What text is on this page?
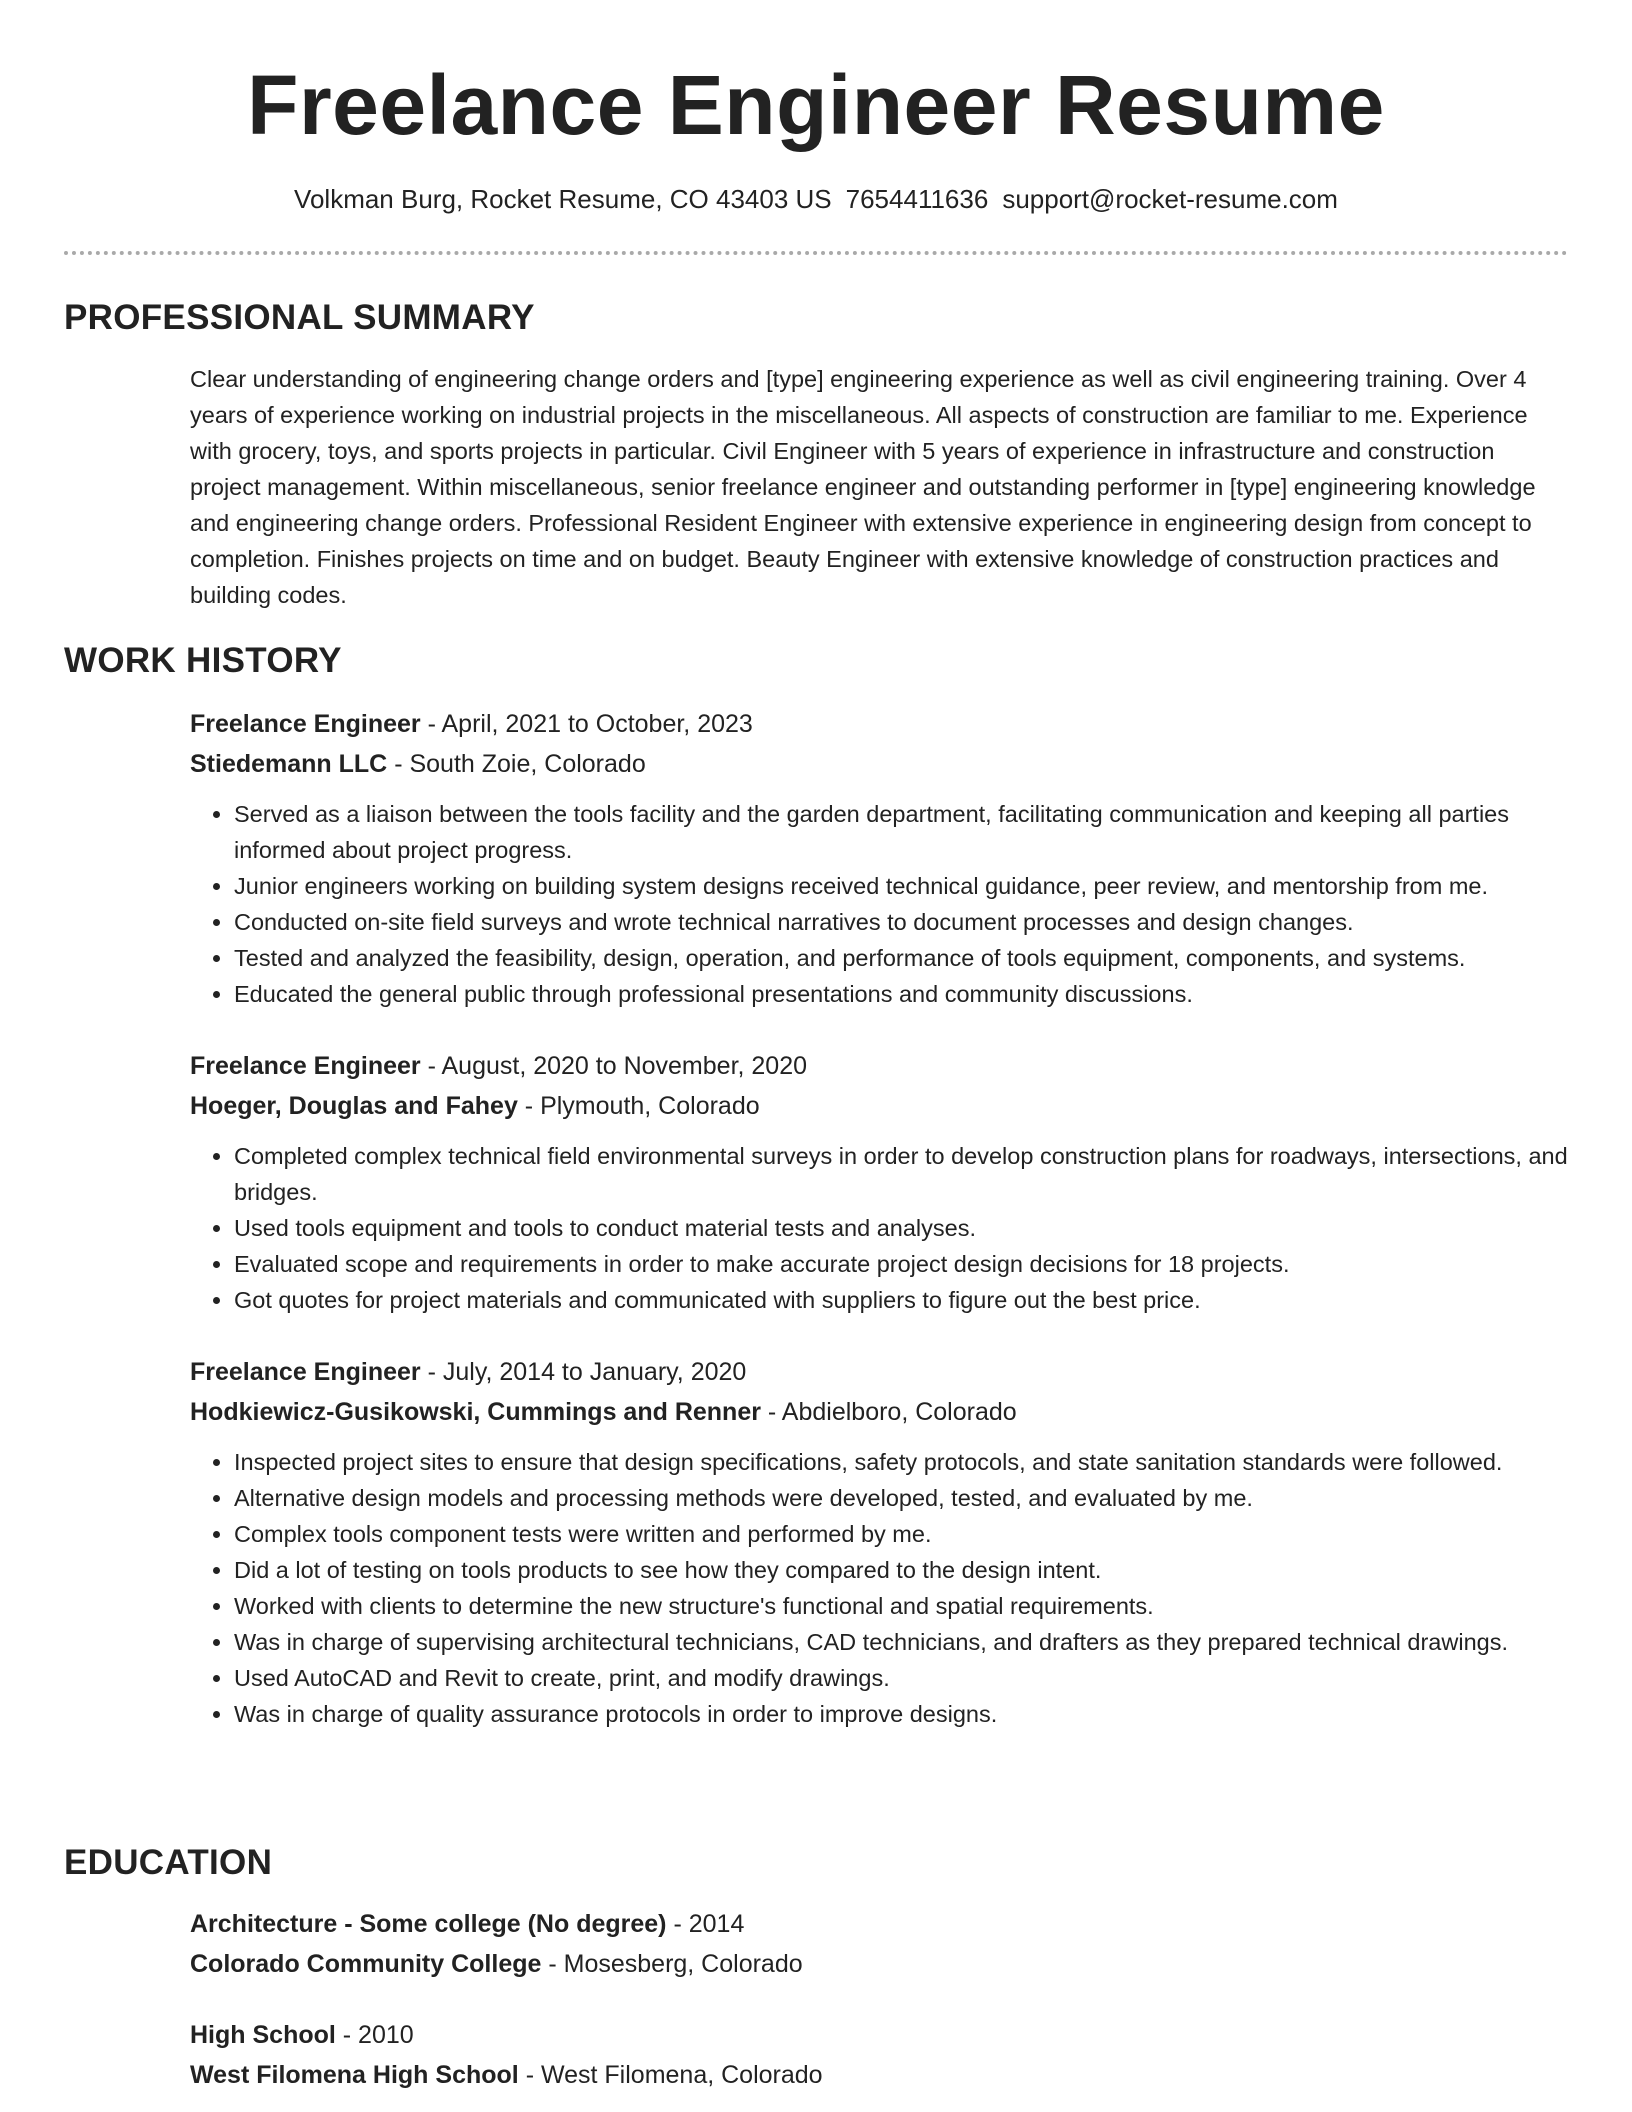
Freelance Engineer Resume
Volkman Burg, Rocket Resume, CO 43403 US 7654411636 support@rocket-resume.com
PROFESSIONAL SUMMARY
Clear understanding of engineering change orders and [type] engineering experience as well as civil engineering training. Over 4 years of experience working on industrial projects in the miscellaneous. All aspects of construction are familiar to me. Experience with grocery, toys, and sports projects in particular. Civil Engineer with 5 years of experience in infrastructure and construction project management. Within miscellaneous, senior freelance engineer and outstanding performer in [type] engineering knowledge and engineering change orders. Professional Resident Engineer with extensive experience in engineering design from concept to completion. Finishes projects on time and on budget. Beauty Engineer with extensive knowledge of construction practices and building codes.
WORK HISTORY
Freelance Engineer - April, 2021 to October, 2023
Stiedemann LLC - South Zoie, Colorado
• Served as a liaison between the tools facility and the garden department, facilitating communication and keeping all parties informed about project progress.
• Junior engineers working on building system designs received technical guidance, peer review, and mentorship from me.
• Conducted on-site field surveys and wrote technical narratives to document processes and design changes.
• Tested and analyzed the feasibility, design, operation, and performance of tools equipment, components, and systems.
• Educated the general public through professional presentations and community discussions.
Freelance Engineer - August, 2020 to November, 2020
Hoeger, Douglas and Fahey - Plymouth, Colorado
• Completed complex technical field environmental surveys in order to develop construction plans for roadways, intersections, and bridges.
• Used tools equipment and tools to conduct material tests and analyses.
• Evaluated scope and requirements in order to make accurate project design decisions for 18 projects.
• Got quotes for project materials and communicated with suppliers to figure out the best price.
Freelance Engineer - July, 2014 to January, 2020
Hodkiewicz-Gusikowski, Cummings and Renner - Abdielboro, Colorado
• Inspected project sites to ensure that design specifications, safety protocols, and state sanitation standards were followed.
• Alternative design models and processing methods were developed, tested, and evaluated by me.
• Complex tools component tests were written and performed by me.
• Did a lot of testing on tools products to see how they compared to the design intent.
• Worked with clients to determine the new structure's functional and spatial requirements.
• Was in charge of supervising architectural technicians, CAD technicians, and drafters as they prepared technical drawings.
• Used AutoCAD and Revit to create, print, and modify drawings.
• Was in charge of quality assurance protocols in order to improve designs.
EDUCATION
Architecture - Some college (No degree) - 2014
Colorado Community College - Mosesberg, Colorado
High School - 2010
West Filomena High School - West Filomena, Colorado
